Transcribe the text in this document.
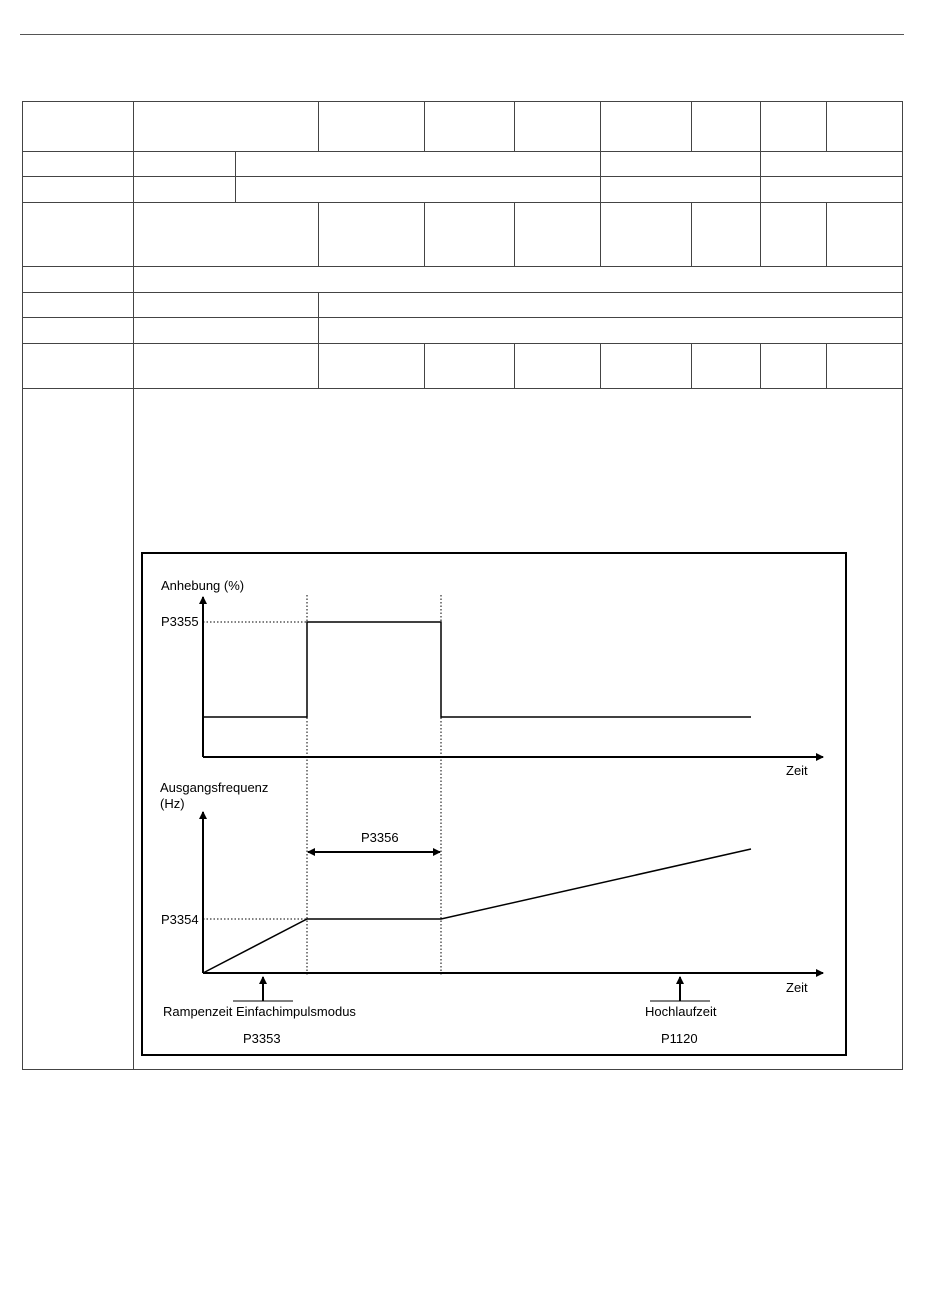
Anhebung (%)
P3355
Zeit
Ausgangsfrequenz
(Hz)
P3354
P3356
Zeit
Rampenzeit Einfachimpulsmodus
P3353
Hochlaufzeit
P1120
